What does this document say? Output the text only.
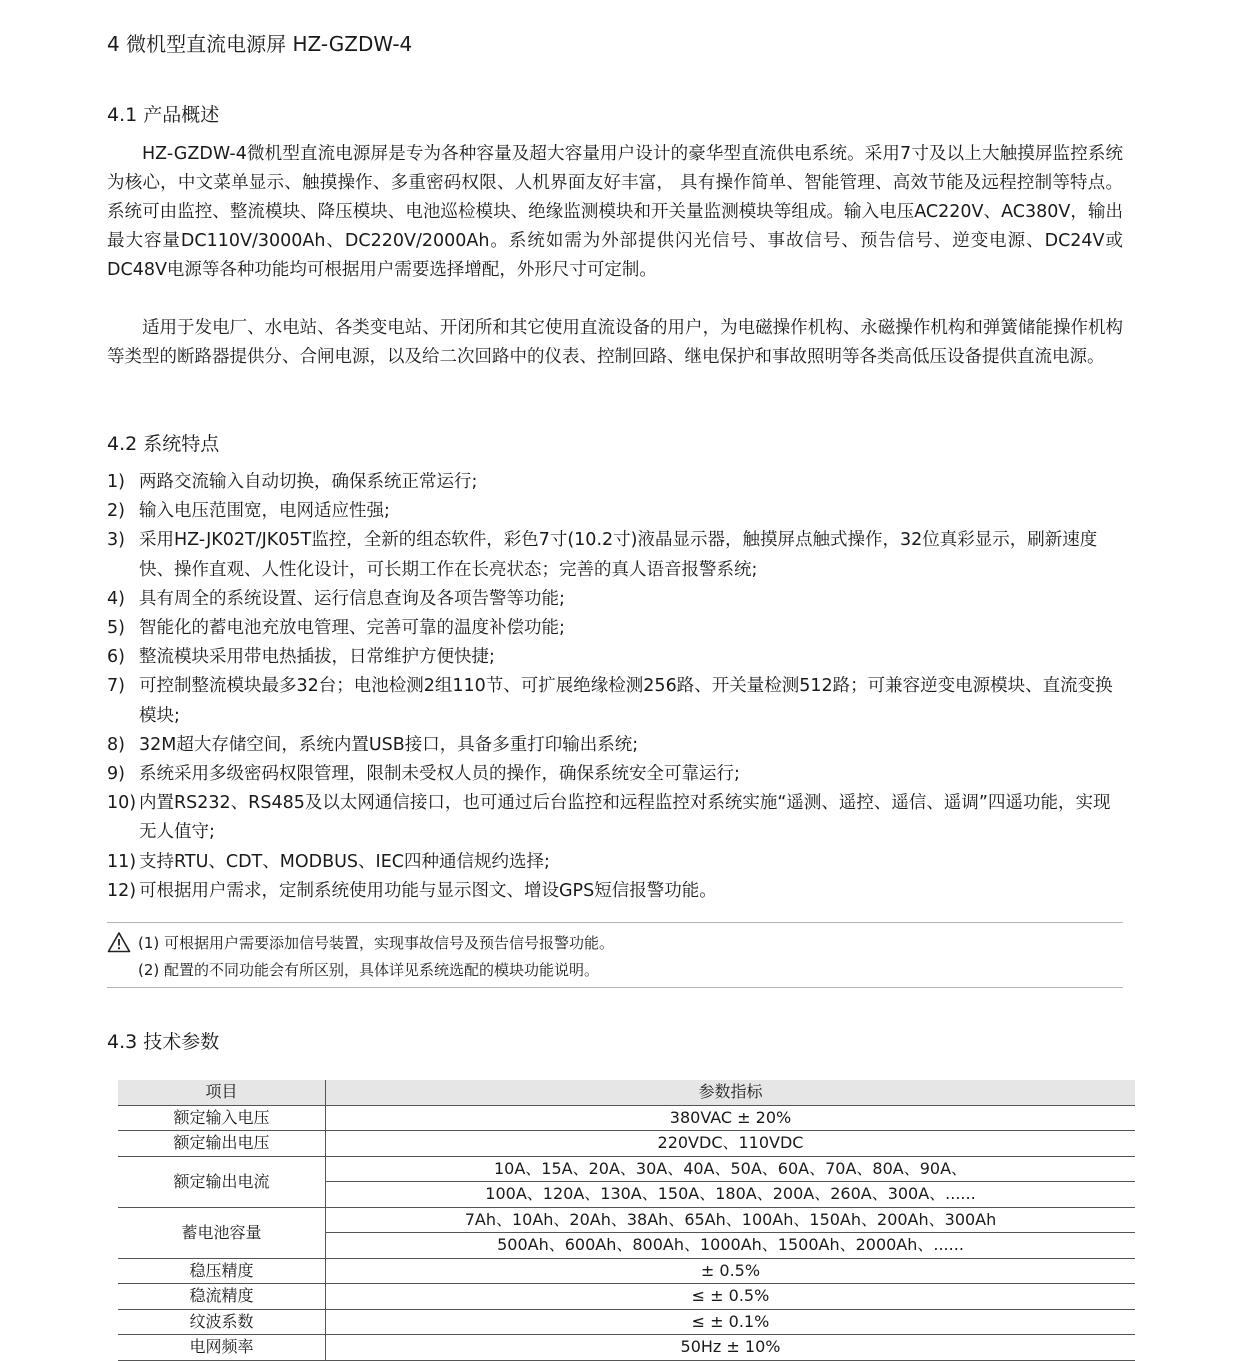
4 微机型直流电源屏 HZ-GZDW-4
4.1 产品概述
HZ-GZDW-4微机型直流电源屏是专为各种容量及超大容量用户设计的豪华型直流供电系统。采用7寸及以上大触摸屏监控系统为核心，中文菜单显示、触摸操作、多重密码权限、人机界面友好丰富， 具有操作简单、智能管理、高效节能及远程控制等特点。系统可由监控、整流模块、降压模块、电池巡检模块、绝缘监测模块和开关量监测模块等组成。输入电压AC220V、AC380V，输出最大容量DC110V/3000Ah、DC220V/2000Ah。系统如需为外部提供闪光信号、事故信号、预告信号、逆变电源、DC24V或DC48V电源等各种功能均可根据用户需要选择增配，外形尺寸可定制。
适用于发电厂、水电站、各类变电站、开闭所和其它使用直流设备的用户，为电磁操作机构、永磁操作机构和弹簧储能操作机构等类型的断路器提供分、合闸电源，以及给二次回路中的仪表、控制回路、继电保护和事故照明等各类高低压设备提供直流电源。
4.2 系统特点
1) 两路交流输入自动切换，确保系统正常运行;
2) 输入电压范围宽，电网适应性强;
3) 采用HZ-JK02T/JK05T监控，全新的组态软件，彩色7寸(10.2寸)液晶显示器，触摸屏点触式操作，32位真彩显示，刷新速度快、操作直观、人性化设计，可长期工作在长亮状态；完善的真人语音报警系统;
4) 具有周全的系统设置、运行信息查询及各项告警等功能;
5) 智能化的蓄电池充放电管理、完善可靠的温度补偿功能;
6) 整流模块采用带电热插拔，日常维护方便快捷;
7) 可控制整流模块最多32台；电池检测2组110节、可扩展绝缘检测256路、开关量检测512路；可兼容逆变电源模块、直流变换模块;
8) 32M超大存储空间，系统内置USB接口，具备多重打印输出系统;
9) 系统采用多级密码权限管理，限制未受权人员的操作，确保系统安全可靠运行;
10) 内置RS232、RS485及以太网通信接口，也可通过后台监控和远程监控对系统实施“遥测、遥控、遥信、遥调”四遥功能，实现无人值守;
11) 支持RTU、CDT、MODBUS、IEC四种通信规约选择;
12) 可根据用户需求，定制系统使用功能与显示图文、增设GPS短信报警功能。
(1) 可根据用户需要添加信号装置，实现事故信号及预告信号报警功能。
(2) 配置的不同功能会有所区别，具体详见系统选配的模块功能说明。
4.3 技术参数
项目	参数指标
额定输入电压	380VAC ± 20%
额定输出电压	220VDC、110VDC
额定输出电流	10A、15A、20A、30A、40A、50A、60A、70A、80A、90A、
	100A、120A、130A、150A、180A、200A、260A、300A、......
蓄电池容量	7Ah、10Ah、20Ah、38Ah、65Ah、100Ah、150Ah、200Ah、300Ah
	500Ah、600Ah、800Ah、1000Ah、1500Ah、2000Ah、......
稳压精度	± 0.5%
稳流精度	≤ ± 0.5%
纹波系数	≤ ± 0.1%
电网频率	50Hz ± 10%
